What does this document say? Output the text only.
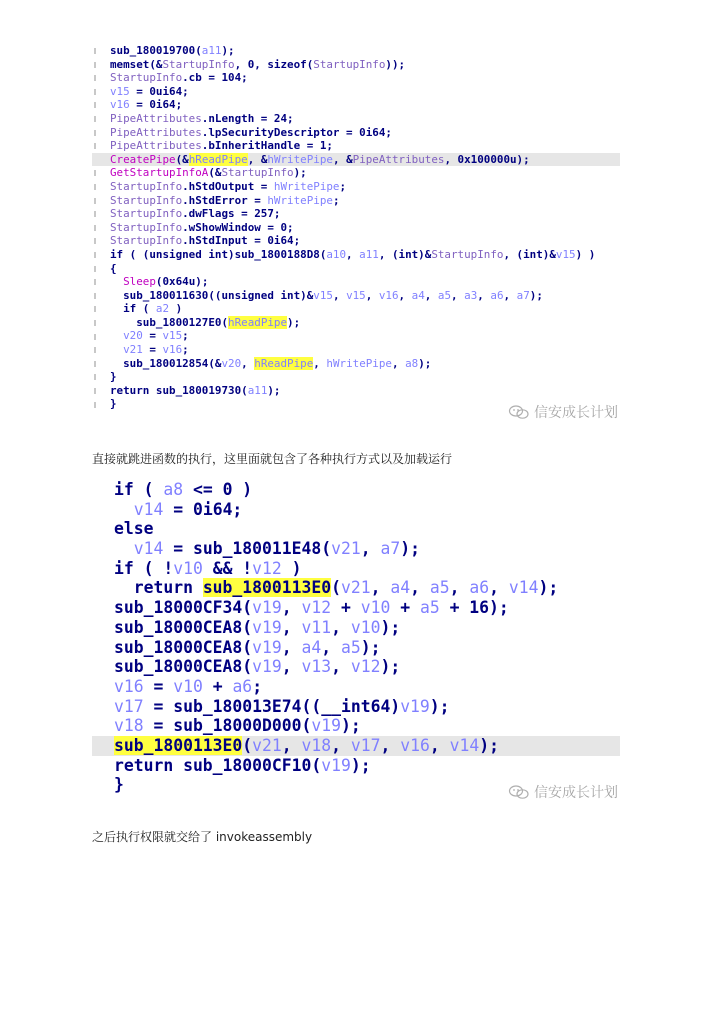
sub_180019700(a11);
memset(&StartupInfo, 0, sizeof(StartupInfo));
StartupInfo.cb = 104;
v15 = 0ui64;
v16 = 0i64;
PipeAttributes.nLength = 24;
PipeAttributes.lpSecurityDescriptor = 0i64;
PipeAttributes.bInheritHandle = 1;
CreatePipe(&hReadPipe, &hWritePipe, &PipeAttributes, 0x100000u);
GetStartupInfoA(&StartupInfo);
StartupInfo.hStdOutput = hWritePipe;
StartupInfo.hStdError = hWritePipe;
StartupInfo.dwFlags = 257;
StartupInfo.wShowWindow = 0;
StartupInfo.hStdInput = 0i64;
if ( (unsigned int)sub_1800188D8(a10, a11, (int)&StartupInfo, (int)&v15) )
{
Sleep(0x64u);
sub_180011630((unsigned int)&v15, v15, v16, a4, a5, a3, a6, a7);
if ( a2 )
sub_1800127E0(hReadPipe);
v20 = v15;
v21 = v16;
sub_180012854(&v20, hReadPipe, hWritePipe, a8);
}
return sub_180019730(a11);
}
信安成长计划
直接就跳进函数的执行，这里面就包含了各种执行方式以及加载运行
if ( a8 <= 0 )
v14 = 0i64;
else
v14 = sub_180011E48(v21, a7);
if ( !v10 && !v12 )
return sub_1800113E0(v21, a4, a5, a6, v14);
sub_18000CF34(v19, v12 + v10 + a5 + 16);
sub_18000CEA8(v19, v11, v10);
sub_18000CEA8(v19, a4, a5);
sub_18000CEA8(v19, v13, v12);
v16 = v10 + a6;
v17 = sub_180013E74((__int64)v19);
v18 = sub_18000D000(v19);
sub_1800113E0(v21, v18, v17, v16, v14);
return sub_18000CF10(v19);
}	信安成长计划
之后执行权限就交给了 invokeassembly
